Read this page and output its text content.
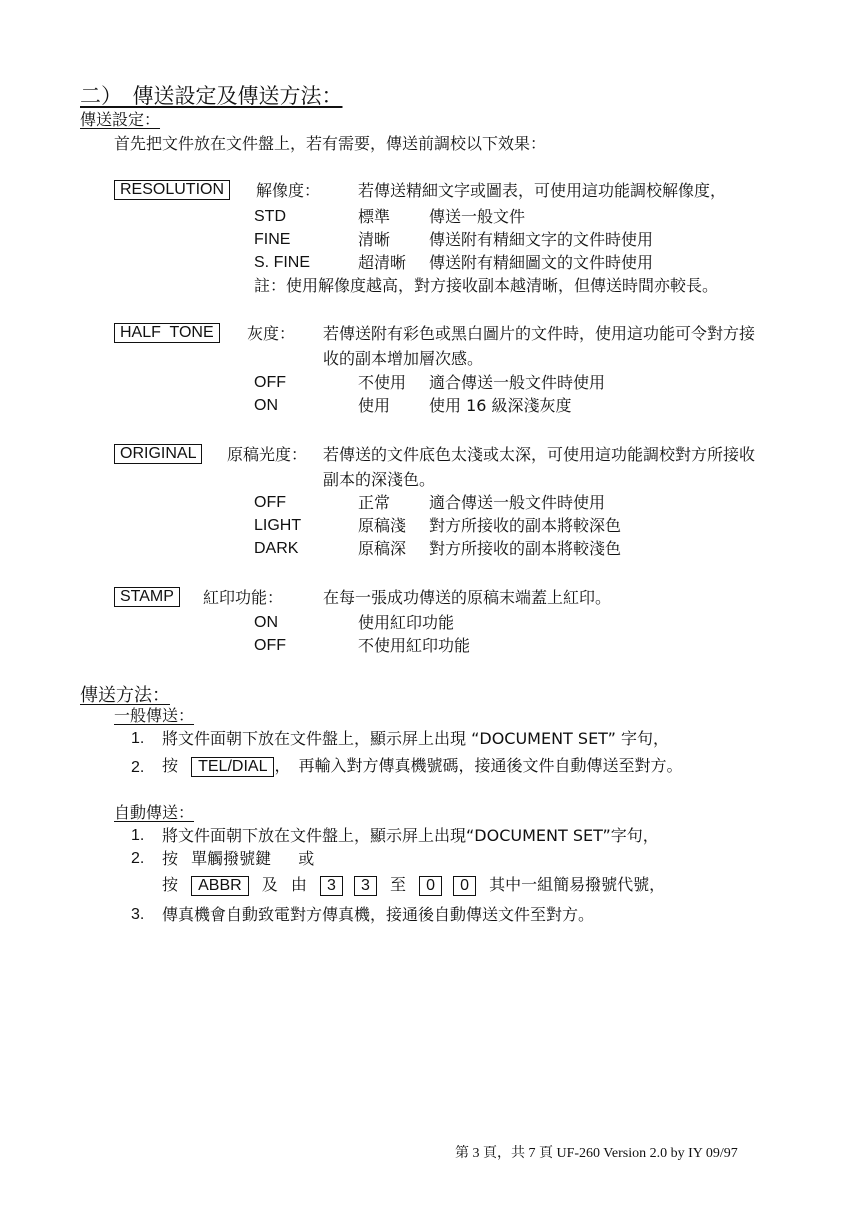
二）　傳送設定及傳送方法：
傳送設定：
首先把文件放在文件盤上，若有需要，傳送前調校以下效果：
RESOLUTION	解像度： 若傳送精細文字或圖表，可使用這功能調校解像度，
STD	標準 傳送一般文件
FINE	清晰 傳送附有精細文字的文件時使用
S. FINE	超清晰 傳送附有精細圖文的文件時使用
註：使用解像度越高，對方接收副本越清晰，但傳送時間亦較長。
HALF  TONE	灰度： 若傳送附有彩色或黑白圖片的文件時，使用這功能可令對方接
收的副本增加層次感。
OFF	不使用 適合傳送一般文件時使用
ON	使用 使用 16 級深淺灰度
ORIGINAL	原稿光度： 若傳送的文件底色太淺或太深，可使用這功能調校對方所接收
副本的深淺色。
OFF	正常 適合傳送一般文件時使用
LIGHT	原稿淺 對方所接收的副本將較深色
DARK	原稿深 對方所接收的副本將較淺色
STAMP	紅印功能： 在每一張成功傳送的原稿末端蓋上紅印。
ON	使用紅印功能
OFF	不使用紅印功能
傳送方法：
一般傳送：
1. 將文件面朝下放在文件盤上，顯示屏上出現 “DOCUMENT SET” 字句，
2. 按 TEL/DIAL ，　再輸入對方傳真機號碼，接通後文件自動傳送至對方。
自動傳送：
1. 將文件面朝下放在文件盤上，顯示屏上出現“DOCUMENT SET”字句，
2. 按 單觸撥號鍵 或
按 ABBR 及 由 3 3 至 0 0 其中一組簡易撥號代號，
3. 傳真機會自動致電對方傳真機，接通後自動傳送文件至對方。
第 3 頁，共 7 頁 UF-260 Version 2.0 by IY 09/97
